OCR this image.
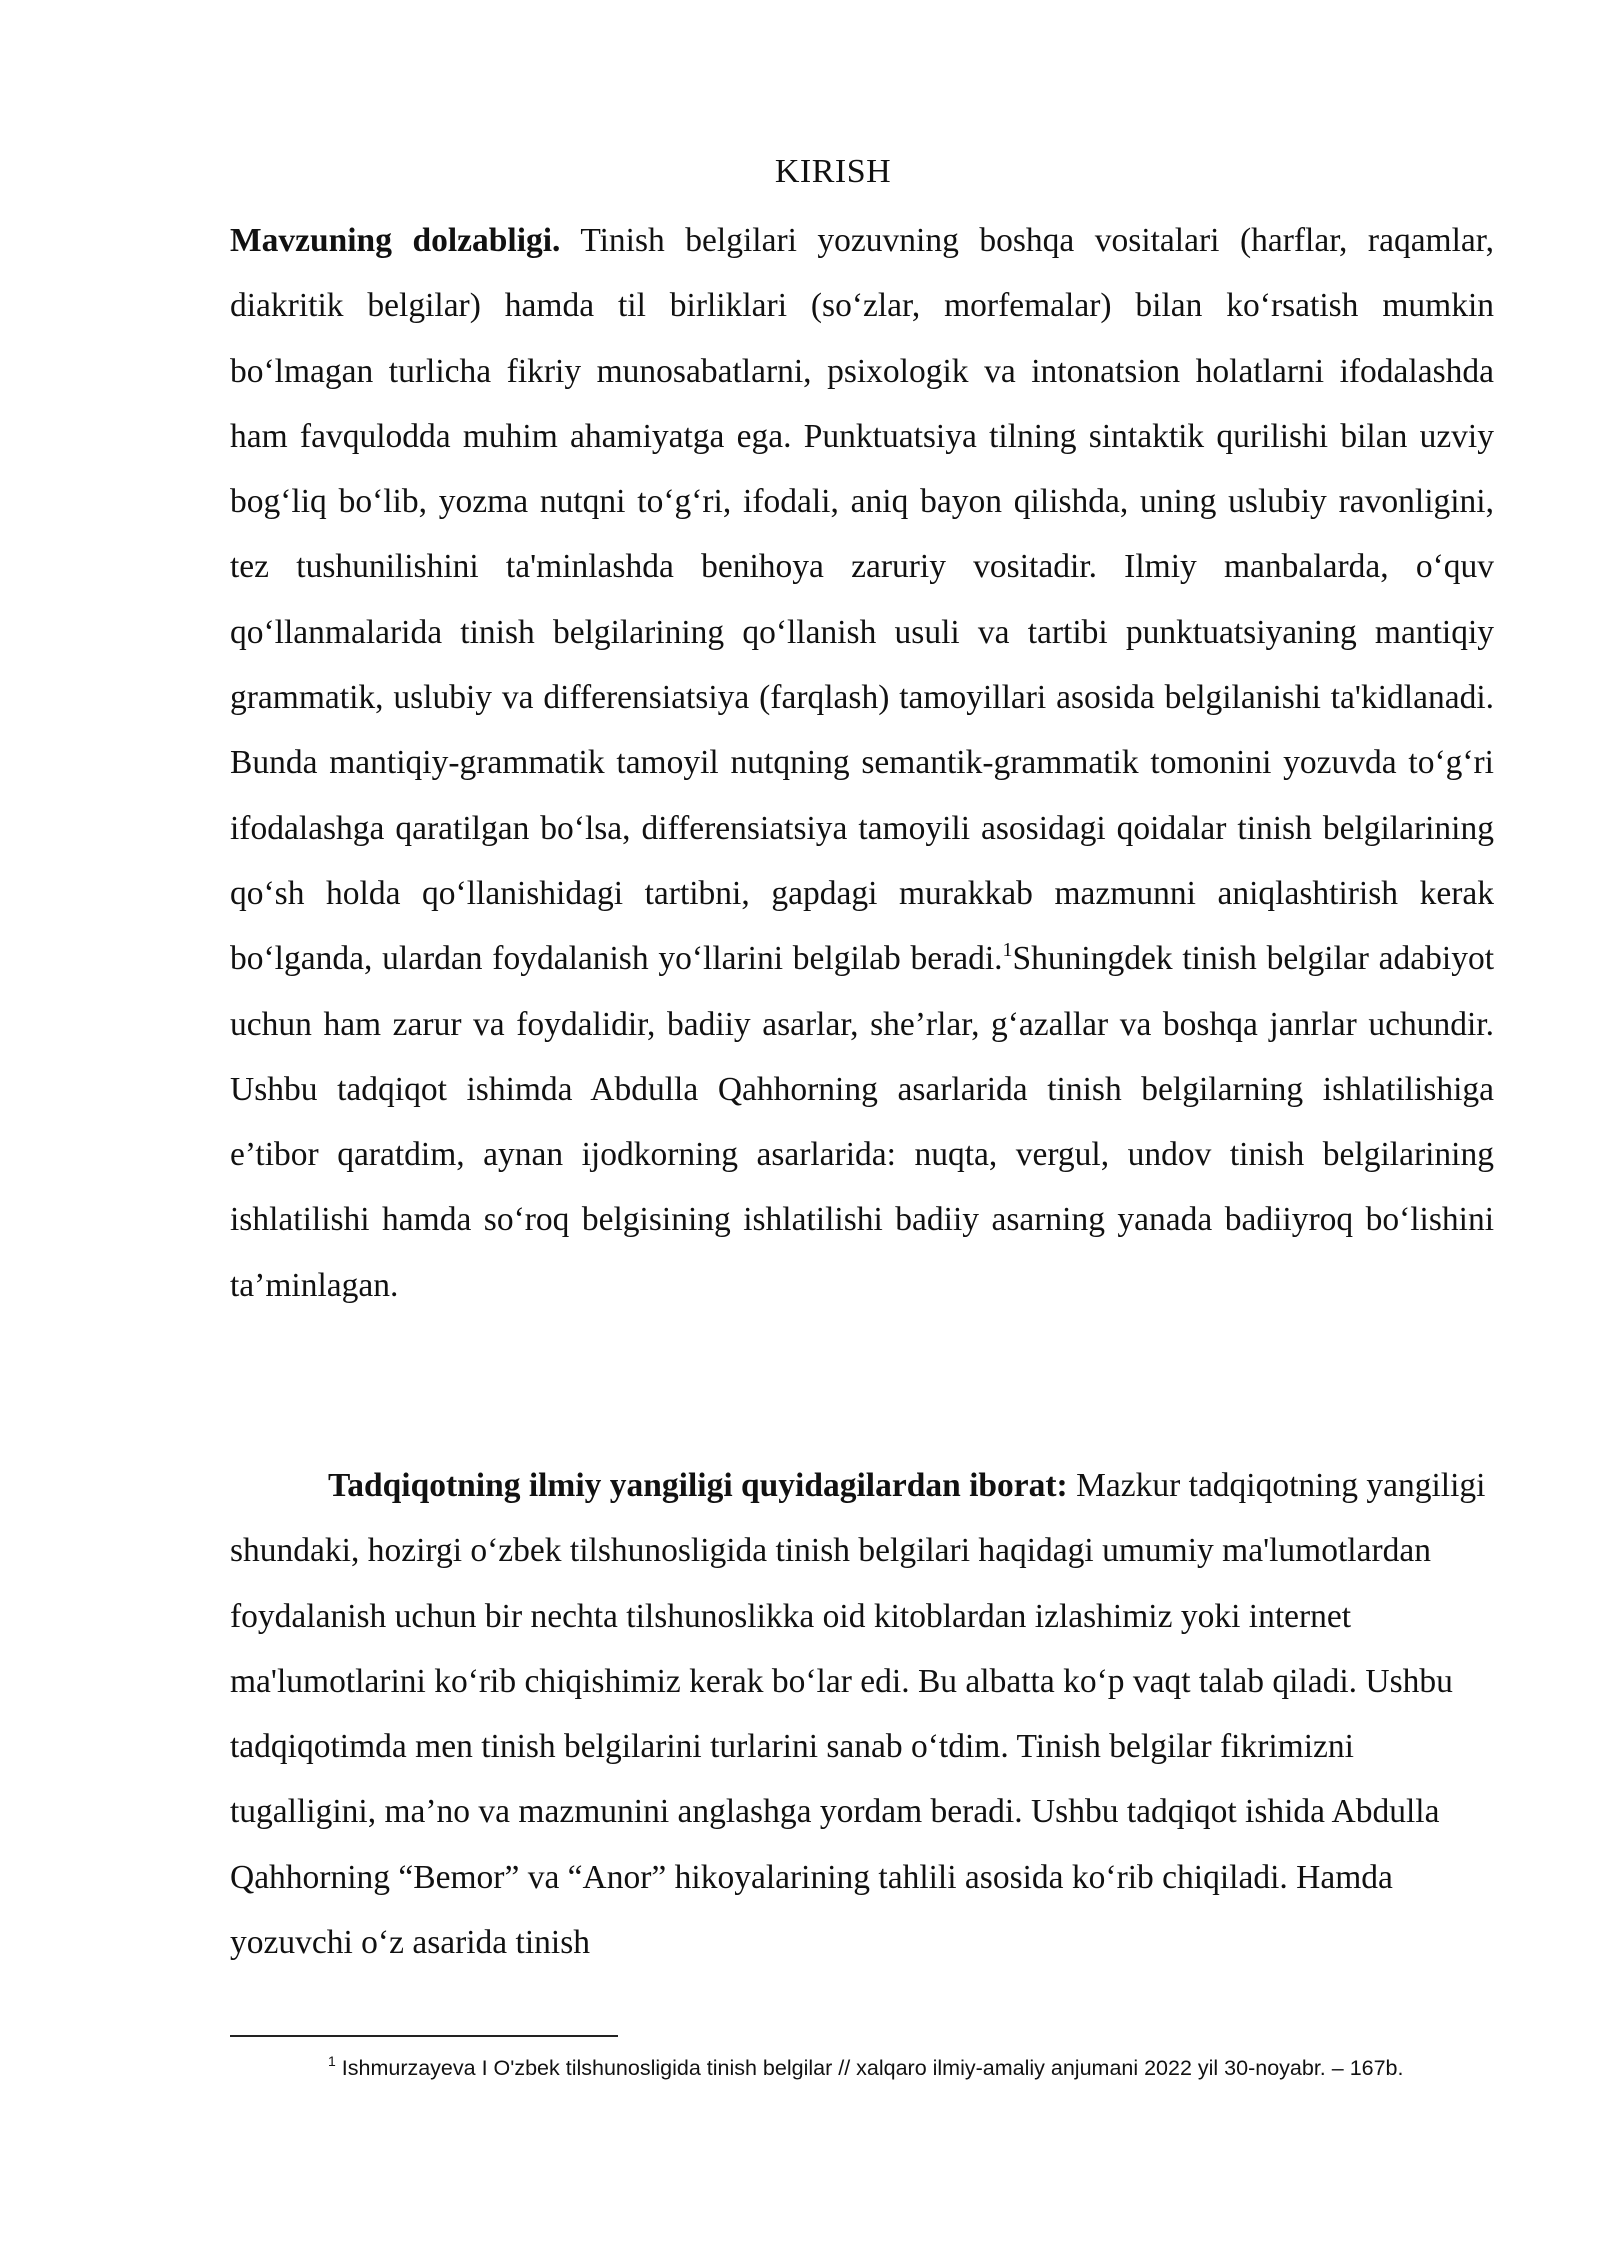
KIRISH

Mavzuning dolzabligi. Tinish belgilari yozuvning boshqa vositalari (harflar, raqamlar, diakritik belgilar) hamda til birliklari (so‘zlar, morfemalar) bilan ko‘rsatish mumkin bo‘lmagan turlicha fikriy munosabatlarni, psixologik va intonatsion holatlarni ifodalashda ham favqulodda muhim ahamiyatga ega. Punktuatsiya tilning sintaktik qurilishi bilan uzviy bog‘liq bo‘lib, yozma nutqni to‘g‘ri, ifodali, aniq bayon qilishda, uning uslubiy ravonligini, tez tushunilishini ta'minlashda benihoya zaruriy vositadir. Ilmiy manbalarda, o‘quv qo‘llanmalarida tinish belgilarining qo‘llanish usuli va tartibi punktuatsiyaning mantiqiy grammatik, uslubiy va differensiatsiya (farqlash) tamoyillari asosida belgilanishi ta'kidlanadi. Bunda mantiqiy-grammatik tamoyil nutqning semantik-grammatik tomonini yozuvda to‘g‘ri ifodalashga qaratilgan bo‘lsa, differensiatsiya tamoyili asosidagi qoidalar tinish belgilarining qo‘sh holda qo‘llanishidagi tartibni, gapdagi murakkab mazmunni aniqlashtirish kerak bo‘lganda, ulardan foydalanish yo‘llarini belgilab beradi.$^1$Shuningdek tinish belgilar adabiyot uchun ham zarur va foydalidir, badiiy asarlar, she’rlar, g‘azallar va boshqa janrlar uchundir. Ushbu tadqiqot ishimda Abdulla Qahhorning asarlarida tinish belgilarning ishlatilishiga e’tibor qaratdim, aynan ijodkorning asarlarida: nuqta, vergul, undov tinish belgilarining ishlatilishi hamda so‘roq belgisining ishlatilishi badiiy asarning yanada badiiyroq bo‘lishini ta’minlagan.

Tadqiqotning ilmiy yangiligi quyidagilardan iborat: Mazkur tadqiqotning yangiligi shundaki, hozirgi o‘zbek tilshunosligida tinish belgilari haqidagi umumiy ma'lumotlardan foydalanish uchun bir nechta tilshunoslikka oid kitoblardan izlashimiz yoki internet ma'lumotlarini ko‘rib chiqishimiz kerak bo‘lar edi. Bu albatta ko‘p vaqt talab qiladi. Ushbu tadqiqotimda men tinish belgilarini turlarini sanab o‘tdim. Tinish belgilar fikrimizni tugalligini, ma’no va mazmunini anglashga yordam beradi. Ushbu tadqiqot ishida Abdulla Qahhorning “Bemor” va “Anor” hikoyalarining tahlili asosida ko‘rib chiqiladi. Hamda yozuvchi o‘z asarida tinish

$^1$ Ishmurzayeva I O'zbek tilshunosligida tinish belgilar // xalqaro ilmiy-amaliy anjumani 2022 yil 30-noyabr. – 167b.
